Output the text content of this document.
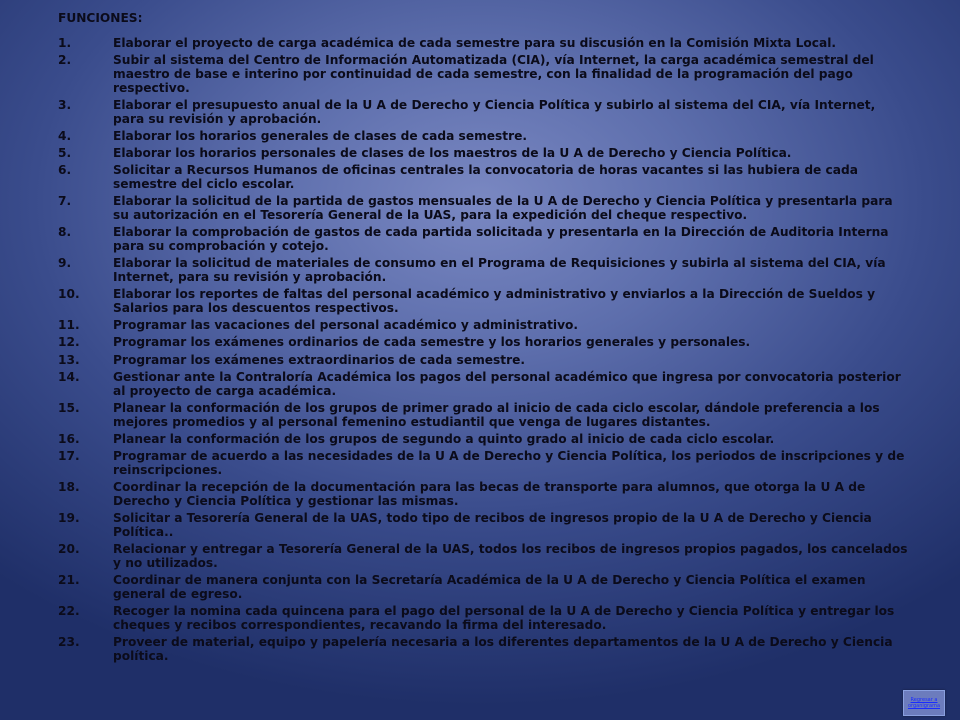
FUNCIONES:
1.	Elaborar el proyecto de carga académica de cada semestre para su discusión en la Comisión Mixta Local.
2.	Subir al sistema del Centro de Información Automatizada (CIA), vía Internet, la carga académica semestral del maestro de base e interino por continuidad de cada semestre, con la finalidad de la programación del pago respectivo.
3.	Elaborar el presupuesto anual de la U A de Derecho y Ciencia Política y subirlo al sistema del CIA, vía Internet, para su revisión y aprobación.
4.	Elaborar los horarios generales de clases de cada semestre.
5.	Elaborar los horarios personales de clases de los maestros de la U A de Derecho y Ciencia Política.
6.	Solicitar a Recursos Humanos de oficinas centrales la convocatoria de horas vacantes si las hubiera de cada semestre del ciclo escolar.
7.	Elaborar la solicitud de la partida de gastos mensuales de la U A de Derecho y Ciencia Política y presentarla para su autorización en el Tesorería General de la UAS, para la expedición del cheque respectivo.
8.	Elaborar la comprobación de gastos de cada partida solicitada y presentarla en la Dirección de Auditoria Interna para su comprobación y cotejo.
9.	Elaborar la solicitud de materiales de consumo en el Programa de Requisiciones y subirla al sistema del CIA, vía Internet, para su revisión y aprobación.
10.	Elaborar los reportes de faltas del personal académico y administrativo y enviarlos a la Dirección de Sueldos y Salarios para los descuentos respectivos.
11.	Programar las vacaciones del personal académico y administrativo.
12.	Programar los exámenes ordinarios de cada semestre y los horarios generales y personales.
13.	Programar los exámenes extraordinarios de cada semestre.
14.	Gestionar ante la Contraloría Académica los pagos del personal académico que ingresa por convocatoria posterior al proyecto de carga académica.
15.	Planear la conformación de los grupos de primer grado al inicio de cada ciclo escolar, dándole preferencia a los mejores promedios y al personal femenino estudiantil que venga de lugares distantes.
16.	Planear la conformación de los grupos de segundo a quinto grado al inicio de cada ciclo escolar.
17.	Programar de acuerdo a las necesidades de la U A de Derecho y Ciencia Política, los periodos de inscripciones y de reinscripciones.
18.	Coordinar la recepción de la documentación para las becas de transporte para alumnos, que otorga la U A de Derecho y Ciencia Política y gestionar las mismas.
19.	Solicitar a Tesorería General de la UAS, todo tipo de recibos de ingresos propio de la U A de Derecho y Ciencia Política..
20.	Relacionar y entregar a Tesorería General de la UAS, todos los recibos de ingresos propios pagados, los cancelados y no utilizados.
21.	Coordinar de manera conjunta con la Secretaría Académica de la U A de Derecho y Ciencia Política el examen general de egreso.
22.	Recoger la nomina cada quincena para el pago del personal de la U A de Derecho y Ciencia Política y entregar los cheques y recibos correspondientes, recavando la firma del interesado.
23.	Proveer de material, equipo y papelería necesaria a los diferentes departamentos de la U A de Derecho y Ciencia política.
Regresar a
organigrama
